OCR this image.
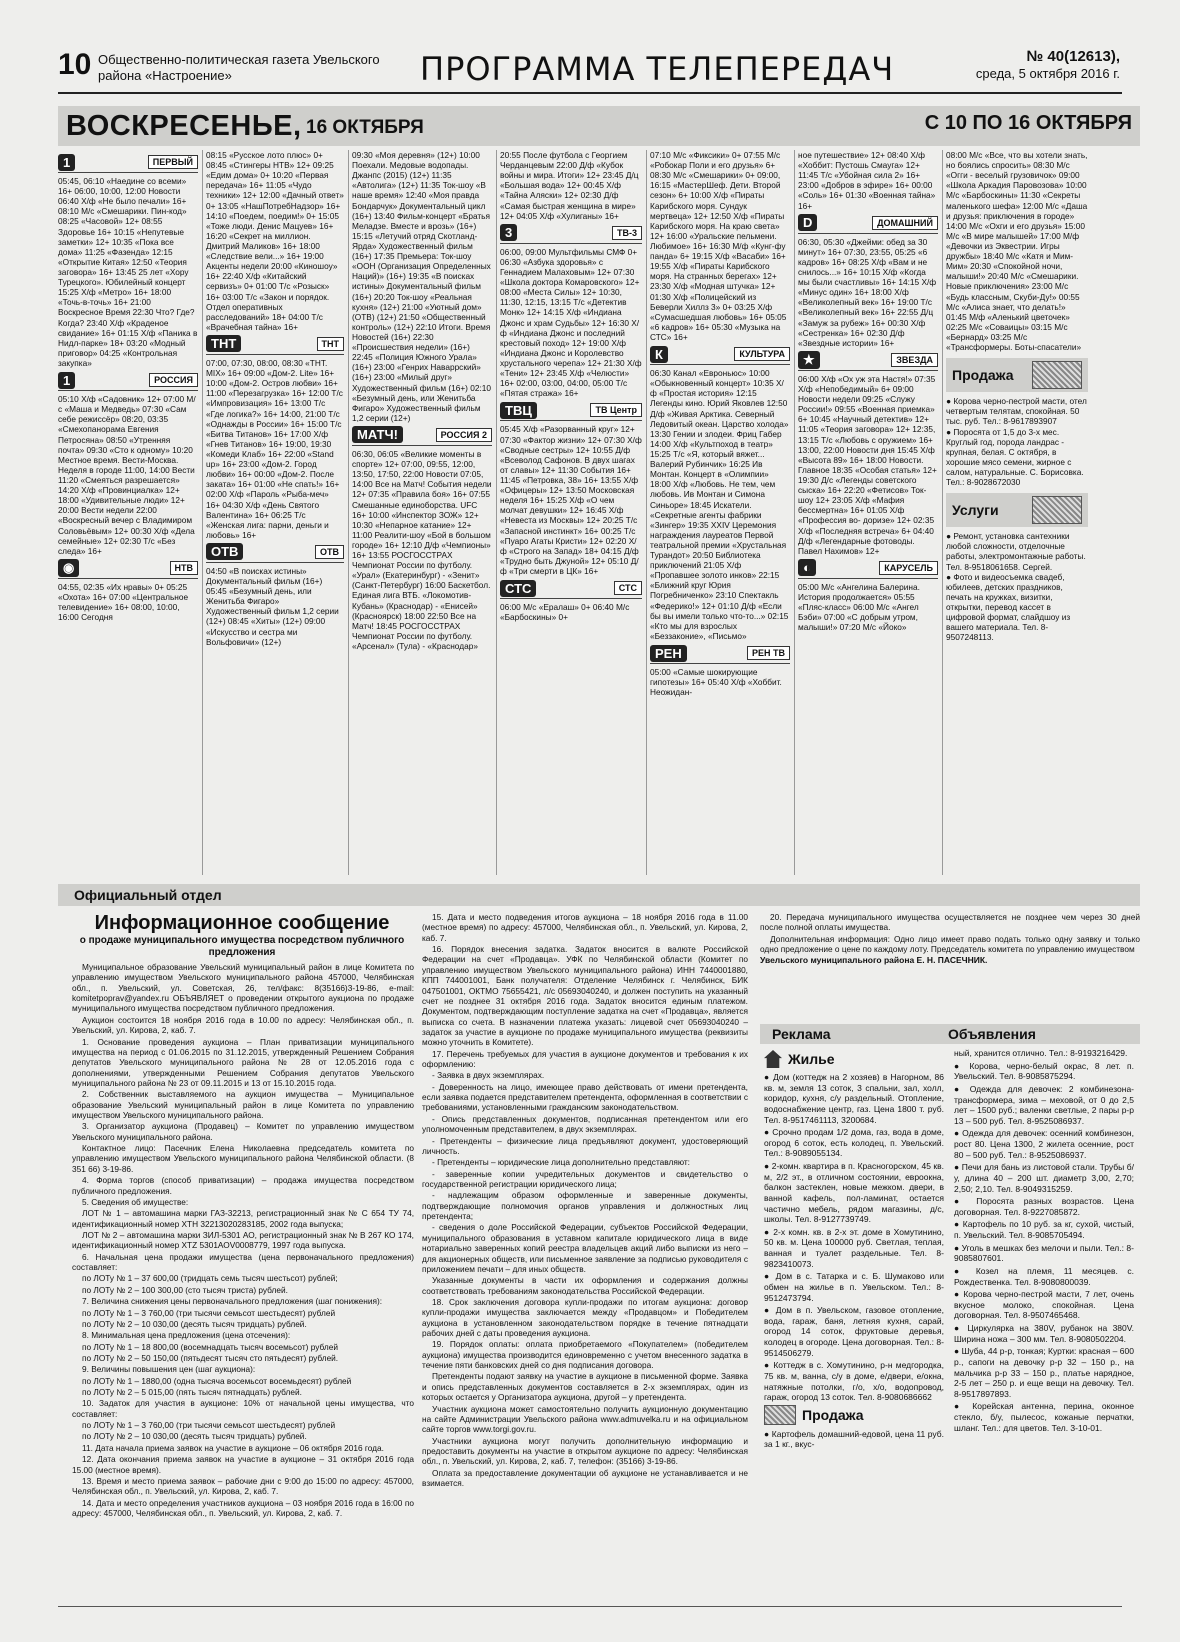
10 Общественно-политическая газета Увельского района «Настроение»	ПРОГРАММА ТЕЛЕПЕРЕДАЧ	№ 40(12613),
среда, 5 октября 2016 г.
ВОСКРЕСЕНЬЕ, 16 ОКТЯБРЯ	С 10 ПО 16 ОКТЯБРЯ
1	ПЕРВЫЙ

05:45, 06:10 «Наедине со всеми» 16+ 06:00, 10:00, 12:00 Новости 06:40 Х/ф «Не было печали» 16+ 08:10 М/с «Смешарики. Пин-код» 08:25 «Часовой» 12+ 08:55 Здоровье 16+ 10:15 «Непутевые заметки» 12+ 10:35 «Пока все дома» 11:25 «Фазенда» 12:15 «Открытие Китая» 12:50 «Теория заговора» 16+ 13:45 25 лет «Хору Турецкого». Юбилейный концерт 15:25 Х/ф «Метро» 16+ 18:00 «Точь-в-точь» 16+ 21:00 Воскресное Время 22:30 Что? Где? Когда? 23:40 Х/ф «Краденое свидание» 16+ 01:15 Х/ф «Паника в Нидл-парке» 18+ 03:20 «Модный приговор» 04:25 «Контрольная закупка»

1	РОССИЯ

05:10 Х/ф «Садовник» 12+ 07:00 М/с «Маша и Медведь» 07:30 «Сам себе режиссёр» 08:20, 03:35 «Смехопанорама Евгения Петросяна» 08:50 «Утренняя почта» 09:30 «Сто к одному» 10:20 Местное время. Вести-Москва. Неделя в городе 11:00, 14:00 Вести 11:20 «Смеяться разрешается» 14:20 Х/ф «Провинциалка» 12+ 18:00 «Удивительные люди» 12+ 20:00 Вести недели 22:00 «Воскресный вечер с Владимиром Соловьёвым» 12+ 00:30 Х/ф «Дела семейные» 12+ 02:30 Т/с «Без следа» 16+

◉	НТВ

04:55, 02:35 «Их нравы» 0+ 05:25 «Охота» 16+ 07:00 «Центральное телевидение» 16+ 08:00, 10:00, 16:00 Сегодня

08:15 «Русское лото плюс» 0+ 08:45 «Стингеры НТВ» 12+ 09:25 «Едим дома» 0+ 10:20 «Первая передача» 16+ 11:05 «Чудо техники» 12+ 12:00 «Дачный ответ» 0+ 13:05 «НашПотребНадзор» 16+ 14:10 «Поедем, поедим!» 0+ 15:05 «Тоже люди. Денис Мацуев» 16+ 16:20 «Секрет на миллион. Дмитрий Маликов» 16+ 18:00 «Следствие вели...» 16+ 19:00 Акценты недели 20:00 «Киношоу» 16+ 22:40 Х/ф «Китайский сервизъ» 0+ 01:00 Т/с «Розыск» 16+ 03:00 Т/с «Закон и порядок. Отдел оперативных расследований» 18+ 04:00 Т/с «Врачебная тайна» 16+

ТНТ	ТНТ

07:00, 07:30, 08:00, 08:30 «ТНТ. MIX» 16+ 09:00 «Дом-2. Lite» 16+ 10:00 «Дом-2. Остров любви» 16+ 11:00 «Перезагрузка» 16+ 12:00 Т/с «Импровизация» 16+ 13:00 Т/с «Где логика?» 16+ 14:00, 21:00 Т/с «Однажды в России» 16+ 15:00 Т/с «Битва Титанов» 16+ 17:00 Х/ф «Гнев Титанов» 16+ 19:00, 19:30 «Комеди Клаб» 16+ 22:00 «Stand up» 16+ 23:00 «Дом-2. Город любви» 16+ 00:00 «Дом-2. После заката» 16+ 01:00 «Не спать!» 16+ 02:00 Х/ф «Пароль «Рыба-меч» 16+ 04:30 Х/ф «День Святого Валентина» 16+ 06:25 Т/с «Женская лига: парни, деньги и любовь» 16+

ОТВ	ОТВ

04:50 «В поисках истины» Документальный фильм (16+) 05:45 «Безумный день, или Женитьба Фигаро» Художественный фильм 1,2 серии (12+) 08:45 «Хиты» (12+) 09:00 «Искусство и сестра ми Вольфовичи» (12+)

09:30 «Моя деревня» (12+) 10:00 Поехали. Медовые водопады. Джанпс (2015) (12+) 11:35 «Автолига» (12+) 11:35 Ток-шоу «В наше время» 12:40 «Моя правда Бондарчук» Документальный цикл (16+) 13:40 Фильм-концерт «Братья Меладзе. Вместе и врозь» (16+) 15:15 «Летучий отряд Скотланд-Ярда» Художественный фильм (16+) 17:35 Премьера: Ток-шоу «ООН (Организация Определенных Наций)» (16+) 19:35 «В поисках истины» Документальный фильм (16+) 20:20 Ток-шоу «Реальная кухня» (12+) 21:00 «Уютный дом» (ОТВ) (12+) 21:50 «Общественный контроль» (12+) 22:10 Итоги. Время Новостей (16+) 22:30 «Происшествия недели» (16+) 22:45 «Полиция Южного Урала» (16+) 23:00 «Генрих Наваррский» (16+) 23:00 «Милый друг» Художественный фильм (16+) 02:10 «Безумный день, или Женитьба Фигаро» Художественный фильм 1,2 серии (12+)

МАТЧ!	РОССИЯ 2

06:30, 06:05 «Великие моменты в спорте» 12+ 07:00, 09:55, 12:00, 13:50, 17:50, 22:00 Новости 07:05, 14:00 Все на Матч! События недели 12+ 07:35 «Правила боя» 16+ 07:55 Смешанные единоборства. UFC 16+ 10:00 «Инспектор ЗОЖ» 12+ 10:30 «Непарное катание» 12+ 11:00 Реалити-шоу «Бой в большом городе» 16+ 12:10 Д/ф «Чемпионы» 16+ 13:55 РОСГОССТРАХ Чемпионат России по футболу. «Урал» (Екатеринбург) - «Зенит» (Санкт-Петербург) 16:00 Баскетбол. Единая лига ВТБ. «Локомотив-Кубань» (Краснодар) - «Енисей» (Красноярск) 18:00 22:50 Все на Матч! 18:45 РОСГОССТРАХ Чемпионат России по футболу. «Арсенал» (Тула) - «Краснодар»

20:55 После футбола с Георгием Черданцевым 22:00 Д/ф «Кубок войны и мира. Итоги» 12+ 23:45 Д/ц «Большая вода» 12+ 00:45 Х/ф «Тайна Аляски» 12+ 02:30 Д/ф «Самая быстрая женщина в мире» 12+ 04:05 Х/ф «Хулиганы» 16+

3	ТВ-3

06:00, 09:00 Мультфильмы СМФ 0+ 06:30 «Азбука здоровья» с Геннадием Малаховым» 12+ 07:30 «Школа доктора Комаровского» 12+ 08:00 «Места Силы» 12+ 10:30, 11:30, 12:15, 13:15 Т/с «Детектив Монк» 12+ 14:15 Х/ф «Индиана Джонс и храм Судьбы» 12+ 16:30 Х/ф «Индиана Джонс и последний крестовый поход» 12+ 19:00 Х/ф «Индиана Джонс и Королевство хрустального черепа» 12+ 21:30 Х/ф «Тени» 12+ 23:45 Х/ф «Челюсти» 16+ 02:00, 03:00, 04:00, 05:00 Т/с «Пятая стража» 16+

ТВЦ	ТВ Центр

05:45 Х/ф «Разорванный круг» 12+ 07:30 «Фактор жизни» 12+ 07:30 Х/ф «Сводные сестры» 12+ 10:55 Д/ф «Всеволод Сафонов. В двух шагах от славы» 12+ 11:30 События 16+ 11:45 «Петровка, 38» 16+ 13:55 Х/ф «Офицеры» 12+ 13:50 Московская неделя 16+ 15:25 Х/ф «О чем молчат девушки» 12+ 16:45 Х/ф «Невеста из Москвы» 12+ 20:25 Т/с «Запасной инстинкт» 16+ 00:25 Т/с «Пуаро Агаты Кристи» 12+ 02:20 Х/ф «Строго на Запад» 18+ 04:15 Д/ф «Трудно быть Джуной» 12+ 05:10 Д/ф «Три смерти в ЦК» 16+

СТС	СТС

06:00 М/с «Ералаш» 0+ 06:40 М/с «Барбоскины» 0+

07:10 М/с «Фиксики» 0+ 07:55 М/с «Робокар Поли и его друзья» 6+ 08:30 М/с «Смешарики» 0+ 09:00, 16:15 «МастерШеф. Дети. Второй сезон» 6+ 10:00 Х/ф «Пираты Карибского моря. Сундук мертвеца» 12+ 12:50 Х/ф «Пираты Карибского моря. На краю света» 12+ 16:00 «Уральские пельмени. Любимое» 16+ 16:30 М/ф «Кунг-фу панда» 6+ 19:15 Х/ф «Васаби» 16+ 19:55 Х/ф «Пираты Карибского моря. На странных берегах» 12+ 23:30 Х/ф «Модная штучка» 12+ 01:30 Х/ф «Полицейский из Беверли Хиллз 3» 0+ 03:25 Х/ф «Сумасшедшая любовь» 16+ 05:05 «6 кадров» 16+ 05:30 «Музыка на СТС» 16+

К	КУЛЬТУРА

06:30 Канал «Евроньюс» 10:00 «Обыкновенный концерт» 10:35 Х/ф «Простая история» 12:15 Легенды кино. Юрий Яковлев 12:50 Д/ф «Живая Арктика. Северный Ледовитый океан. Царство холода» 13:30 Гении и злодеи. Фриц Габер 14:00 Х/ф «Культпоход в театр» 15:25 Т/с «Я, который вяжет... Валерий Рубинчик» 16:25 Ив Монтан. Концерт в «Олимпии» 18:00 Х/ф «Любовь. Не тем, чем любовь. Ив Монтан и Симона Синьоре» 18:45 Искатели. «Секретные агенты фабрики «Зингер» 19:35 XXIV Церемония награждения лауреатов Первой театральной премии «Хрустальная Турандот» 20:50 Библиотека приключений 21:05 Х/ф «Пропавшее золото инков» 22:15 «Ближний круг Юрия Погребниченко» 23:10 Спектакль «Федерико!» 12+ 01:10 Д/ф «Если бы вы имели только что-то...» 02:15 «Кто мы для взрослых «Беззаконие», «Письмо»

РЕН	РЕН ТВ

05:00 «Самые шокирующие гипотезы» 16+ 05:40 Х/ф «Хоббит. Неожидан-

ное путешествие» 12+ 08:40 Х/ф «Хоббит: Пустошь Смауга» 12+ 11:45 Т/с «Убойная сила 2» 16+ 23:00 «Добров в эфире» 16+ 00:00 «Соль» 16+ 01:30 «Военная тайна» 16+

D	ДОМАШНИЙ

06:30, 05:30 «Джейми: обед за 30 минут» 16+ 07:30, 23:55, 05:25 «6 кадров» 16+ 08:25 Х/ф «Вам и не снилось...» 16+ 10:15 Х/ф «Когда мы были счастливы» 16+ 14:15 Х/ф «Минус один» 16+ 18:00 Х/ф «Великолепный век» 16+ 19:00 Т/с «Великолепный век» 16+ 22:55 Д/ц «Замуж за рубеж» 16+ 00:30 Х/ф «Сестренка» 16+ 02:30 Д/ф «Звездные истории» 16+

★	ЗВЕЗДА

06:00 Х/ф «Ох уж эта Настя!» 07:35 Х/ф «Непобедимый» 6+ 09:00 Новости недели 09:25 «Служу России!» 09:55 «Военная приемка» 6+ 10:45 «Научный детектив» 12+ 11:05 «Теория заговора» 12+ 12:35, 13:15 Т/с «Любовь с оружием» 16+ 13:00, 22:00 Новости дня 15:45 Х/ф «Высота 89» 16+ 18:00 Новости. Главное 18:35 «Особая статья» 12+ 19:30 Д/с «Легенды советского сыска» 16+ 22:20 «Фетисов» Ток-шоу 12+ 23:05 Х/ф «Мафия бессмертна» 16+ 01:05 Х/ф «Профессия во- доризе» 12+ 02:35 Х/ф «Последняя встреча» 6+ 04:40 Д/ф «Легендарные фотоводы. Павел Нахимов» 12+

◐	КАРУСЕЛЬ

05:00 М/с «Ангелина Балерина. История продолжается» 05:55 «Пляс-класс» 06:00 М/с «Ангел Бэби» 07:00 «С добрым утром, малыши!» 07:20 М/с «Йоко»

08:00 М/с «Все, что вы хотели знать, но боялись спросить» 08:30 М/с «Огги - веселый грузовичок» 09:00 «Школа Аркадия Паровозова» 10:00 М/с «Барбоскины» 11:30 «Секреты маленького шефа» 12:00 М/с «Даша и друзья: приключения в городе» 14:00 М/с «Охги и его друзья» 15:00 М/с «В мире малышей» 17:00 М/ф «Девочки из Эквестрии. Игры дружбы» 18:40 М/с «Катя и Мим-Мим» 20:30 «Спокойной ночи, малыши!» 20:40 М/с «Смешарики. Новые приключения» 23:00 М/с «Будь классным, Скуби-Ду!» 00:55 М/с «Алиса знает, что делать!» 01:45 М/ф «Аленький цветочек» 02:25 М/с «Соваицы» 03:15 М/с «Бернард» 03:25 М/с «Трансформеры. Боты-спасатели»

Продажа

● Корова черно-пестрой масти, отел четвертым телятам, спокойная. 50 тыс. руб. Тел.: 8-9617893907

● Поросята от 1,5 до 3-х мес. Круглый год, порода ландрас - крупная, белая. С октября, в хорошие мясо семени, жирное с салом, натуральные. С. Борисовка. Тел.: 8-9028672030

Услуги

● Ремонт, установка сантехники любой сложности, отделочные работы, электромонтажные работы. Тел. 8-9518061658. Сергей.

● Фото и видеосъемка свадеб, юбилеев, детских праздников, печать на кружках, визитки, открытки, перевод кассет в цифровой формат, слайдшоу из вашего материала. Тел. 8-9507248113.

Официальный отдел
Информационное сообщение
о продаже муниципального имущества посредством публичного предложения

Муниципальное образование Увельский муниципальный район в лице Комитета по управлению имуществом Увельского муниципального района 457000, Челябинская обл., п. Увельский, ул. Советская, 26, тел/факс: 8(35166)3-19-86, e-mail: komitetpoprav@yandex.ru ОБЪЯВЛЯЕТ о проведении открытого аукциона по продаже муниципального имущества посредством публичного предложения.

Аукцион состоится 18 ноября 2016 года в 10.00 по адресу: Челябинская обл., п. Увельский, ул. Кирова, 2, каб. 7.

1. Основание проведения аукциона – План приватизации муниципального имущества на период с 01.06.2015 по 31.12.2015, утвержденный Решением Собрания депутатов Увельского муниципального района № 28 от 12.05.2016 года с дополнениями, утвержденными Решением Собрания депутатов Увельского муниципального района № 23 от 09.11.2015 и 13 от 15.10.2015 года.

2. Собственник выставляемого на аукцион имущества – Муниципальное образование Увельский муниципальный район в лице Комитета по управлению имуществом Увельского муниципального района.

3. Организатор аукциона (Продавец) – Комитет по управлению имуществом Увельского муниципального района.

Контактное лицо: Пасечник Елена Николаевна председатель комитета по управлению имуществом Увельского муниципального района Челябинской области. (8 351 66) 3-19-86.

4. Форма торгов (способ приватизации) – продажа имущества посредством публичного предложения.

5. Сведения об имуществе:

ЛОТ № 1 – автомашина марки ГАЗ-32213, регистрационный знак № С 654 ТУ 74, идентификационный номер ХТН 32213020283185, 2002 года выпуска;

ЛОТ № 2 – автомашина марки ЗИЛ-5301 АО, регистрационный знак № В 267 КО 174, идентификационный номер ХТZ 5301АОV0008779, 1997 года выпуска.

6. Начальная цена продажи имущества (цена первоначального предложения) составляет:

по ЛОТу № 1 – 37 600,00 (тридцать семь тысяч шестьсот) рублей;

по ЛОТу № 2 – 100 300,00 (сто тысяч триста) рублей.

7. Величина снижения цены первоначального предложения (шаг понижения):

по ЛОТу № 1 – 3 760,00 (три тысячи семьсот шестьдесят) рублей

по ЛОТу № 2 – 10 030,00 (десять тысяч тридцать) рублей.

8. Минимальная цена предложения (цена отсечения):

по ЛОТу № 1 – 18 800,00 (восемнадцать тысяч восемьсот) рублей

по ЛОТу № 2 – 50 150,00 (пятьдесят тысяч сто пятьдесят) рублей.

9. Величины повышения цен (шаг аукциона):

по ЛОТу № 1 – 1880,00 (одна тысяча восемьсот восемьдесят) рублей

по ЛОТу № 2 – 5 015,00 (пять тысяч пятнадцать) рублей.

10. Задаток для участия в аукционе: 10% от начальной цены имущества, что составляет:

по ЛОТу № 1 – 3 760,00 (три тысячи семьсот шестьдесят) рублей

по ЛОТу № 2 – 10 030,00 (десять тысяч тридцать) рублей.

11. Дата начала приема заявок на участие в аукционе – 06 октября 2016 года.

12. Дата окончания приема заявок на участие в аукционе – 31 октября 2016 года 15.00 (местное время).

13. Время и место приема заявок – рабочие дни с 9:00 до 15:00 по адресу: 457000, Челябинская обл., п. Увельский, ул. Кирова, 2, каб. 7.

14. Дата и место определения участников аукциона – 03 ноября 2016 года в 16:00 по адресу: 457000, Челябинская обл., п. Увельский, ул. Кирова, 2, каб. 7.

15. Дата и место подведения итогов аукциона – 18 ноября 2016 года в 11.00 (местное время) по адресу: 457000, Челябинская обл., п. Увельский, ул. Кирова, 2, каб. 7.

16. Порядок внесения задатка. Задаток вносится в валюте Российской Федерации на счет «Продавца». УФК по Челябинской области (Комитет по управлению имуществом Увельского муниципального района) ИНН 7440001880, КПП 744001001, Банк получателя: Отделение Челябинск г. Челябинск, БИК 047501001, ОКТМО 75655421, л/с 05693040240, и должен поступить на указанный счет не позднее 31 октября 2016 года. Задаток вносится единым платежом. Документом, подтверждающим поступление задатка на счет «Продавца», является выписка со счета. В назначении платежа указать: лицевой счет 05693040240 – задаток за участие в аукционе по продаже муниципального имущества (реквизиты можно уточнить в Комитете).

17. Перечень требуемых для участия в аукционе документов и требования к их оформлению:

- Заявка в двух экземплярах.

- Доверенность на лицо, имеющее право действовать от имени претендента, если заявка подается представителем претендента, оформленная в соответствии с требованиями, установленными гражданским законодательством.

- Опись представленных документов, подписанная претендентом или его уполномоченным представителем, в двух экземплярах.

- Претенденты – физические лица предъявляют документ, удостоверяющий личность.

- Претенденты – юридические лица дополнительно представляют:

- заверенные копии учредительных документов и свидетельство о государственной регистрации юридического лица;

- надлежащим образом оформленные и заверенные документы, подтверждающие полномочия органов управления и должностных лиц претендента;

- сведения о доле Российской Федерации, субъектов Российской Федерации, муниципального образования в уставном капитале юридического лица в виде нотариально заверенных копий реестра владельцев акций либо выписки из него – для акционерных обществ, или письменное заявление за подписью руководителя с приложением печати – для иных обществ.

Указанные документы в части их оформления и содержания должны соответствовать требованиям законодательства Российской Федерации.

18. Срок заключения договора купли-продажи по итогам аукциона: договор купли-продажи имущества заключается между «Продавцом» и Победителем аукциона в установленном законодательством порядке в течение пятнадцати рабочих дней с даты проведения аукциона.

19. Порядок оплаты: оплата приобретаемого «Покупателем» (победителем аукциона) имущества производится единовременно с учетом внесенного задатка в течение пяти банковских дней со дня подписания договора.

Претенденты подают заявку на участие в аукционе в письменной форме. Заявка и опись представленных документов составляется в 2-х экземплярах, один из которых остается у Организатора аукциона, другой – у претендента.

Участник аукциона может самостоятельно получить аукционную документацию на сайте Администрации Увельского района www.admuvelka.ru и на официальном сайте торгов www.torgi.gov.ru.

Участники аукциона могут получить дополнительную информацию и предоставить документы на участие в открытом аукционе по адресу: Челябинская обл., п. Увельский, ул. Кирова, 2, каб. 7, телефон: (35166) 3-19-86.

Оплата за предоставление документации об аукционе не устанавливается и не взимается.

20. Передача муниципального имущества осуществляется не позднее чем через 30 дней после полной оплаты имущества.

Дополнительная информация: Одно лицо имеет право подать только одну заявку и только одно предложение о цене по каждому лоту. Председатель комитета по управлению имуществом

Увельского муниципального района Е. Н. ПАСЕЧНИК.
Реклама	Объявления
Жилье

● Дом (коттедж на 2 хозяев) в Нагорном, 86 кв. м, земля 13 соток, 3 спальни, зал, холл, коридор, кухня, с/у раздельный. Отопление, водоснабжение центр, газ. Цена 1800 т. руб. Тел. 8-9517461113, 3200684.

● Срочно продам 1/2 дома, газ, вода в доме, огород 6 соток, есть колодец, п. Увельский. Тел.: 8-9089055134.

● 2-комн. квартира в п. Красногорском, 45 кв. м, 2/2 эт., в отличном состоянии, евроокна, балкон застеклен, новые межком. двери, в ванной кафель, пол-ламинат, остается частично мебель, рядом магазины, д/с, школы. Тел. 8-9127739749.

● 2-х комн. кв. в 2-х эт. доме в Хомутинино, 50 кв. м. Цена 100000 руб. Светлая, теплая, ванная и туалет раздельные. Тел. 8-9823410073.

● Дом в с. Татарка и с. Б. Шумаково или обмен на жилье в п. Увельском. Тел.: 8-9512473794.

● Дом в п. Увельском, газовое отопление, вода, гараж, баня, летняя кухня, сарай, огород 14 соток, фруктовые деревья, колодец в огороде. Цена договорная. Тел.: 8-9514506279.

● Коттедж в с. Хомутинино, р-н медгородка, 75 кв. м, ванна, с/у в доме, е/двери, е/окна, натяжные потолки, г/о, х/о, водопровод, гараж, огород 13 соток. Тел. 8-9080686662

Продажа

● Картофель домашний-едовой, цена 11 руб. за 1 кг., вкус-

ный, хранится отлично. Тел.: 8-9193216429.

● Корова, черно-белый окрас, 8 лет. п. Увельский. Тел. 8-9085875294.

● Одежда для девочек: 2 комбинезона-трансформера, зима – меховой, от 0 до 2,5 лет – 1500 руб.; валенки светлые, 2 пары р-р 13 – 500 руб. Тел. 8-9525086937.

● Одежда для девочек: осенний комбинезон, рост 80. Цена 1300, 2 жилета осенние, рост 80 – 500 руб. Тел.: 8-9525086937.

● Печи для бань из листовой стали. Трубы б/у, длина 40 – 200 шт. диаметр 3,00, 2,70; 2,50; 2,10. Тел. 8-9049315259.

● Поросята разных возрастов. Цена договорная. Тел. 8-9227085872.

● Картофель по 10 руб. за кг, сухой, чистый, п. Увельский. Тел. 8-9085705494.

● Уголь в мешках без мелочи и пыли. Тел.: 8-9085807601.

● Козел на племя, 11 месяцев. с. Рождественка. Тел. 8-9080800039.

● Корова черно-пестрой масти, 7 лет, очень вкусное молоко, спокойная. Цена договорная. Тел. 8-9507465468.

● Циркулярка на 380V, рубанок на 380V. Ширина ножа – 300 мм. Тел. 8-9080502204.

● Шуба, 44 р-р, тонкая; Куртки: красная – 600 р., сапоги на девочку р-р 32 – 150 р., на мальчика р-р 33 – 150 р., платье нарядное, 2-5 лет – 250 р. и еще вещи на девочку. Тел. 8-9517897893.

● Корейская антенна, перина, оконное стекло, б/у, пылесос, кожаные перчатки, шланг. Тел.: для цветов. Тел. 3-10-01.
